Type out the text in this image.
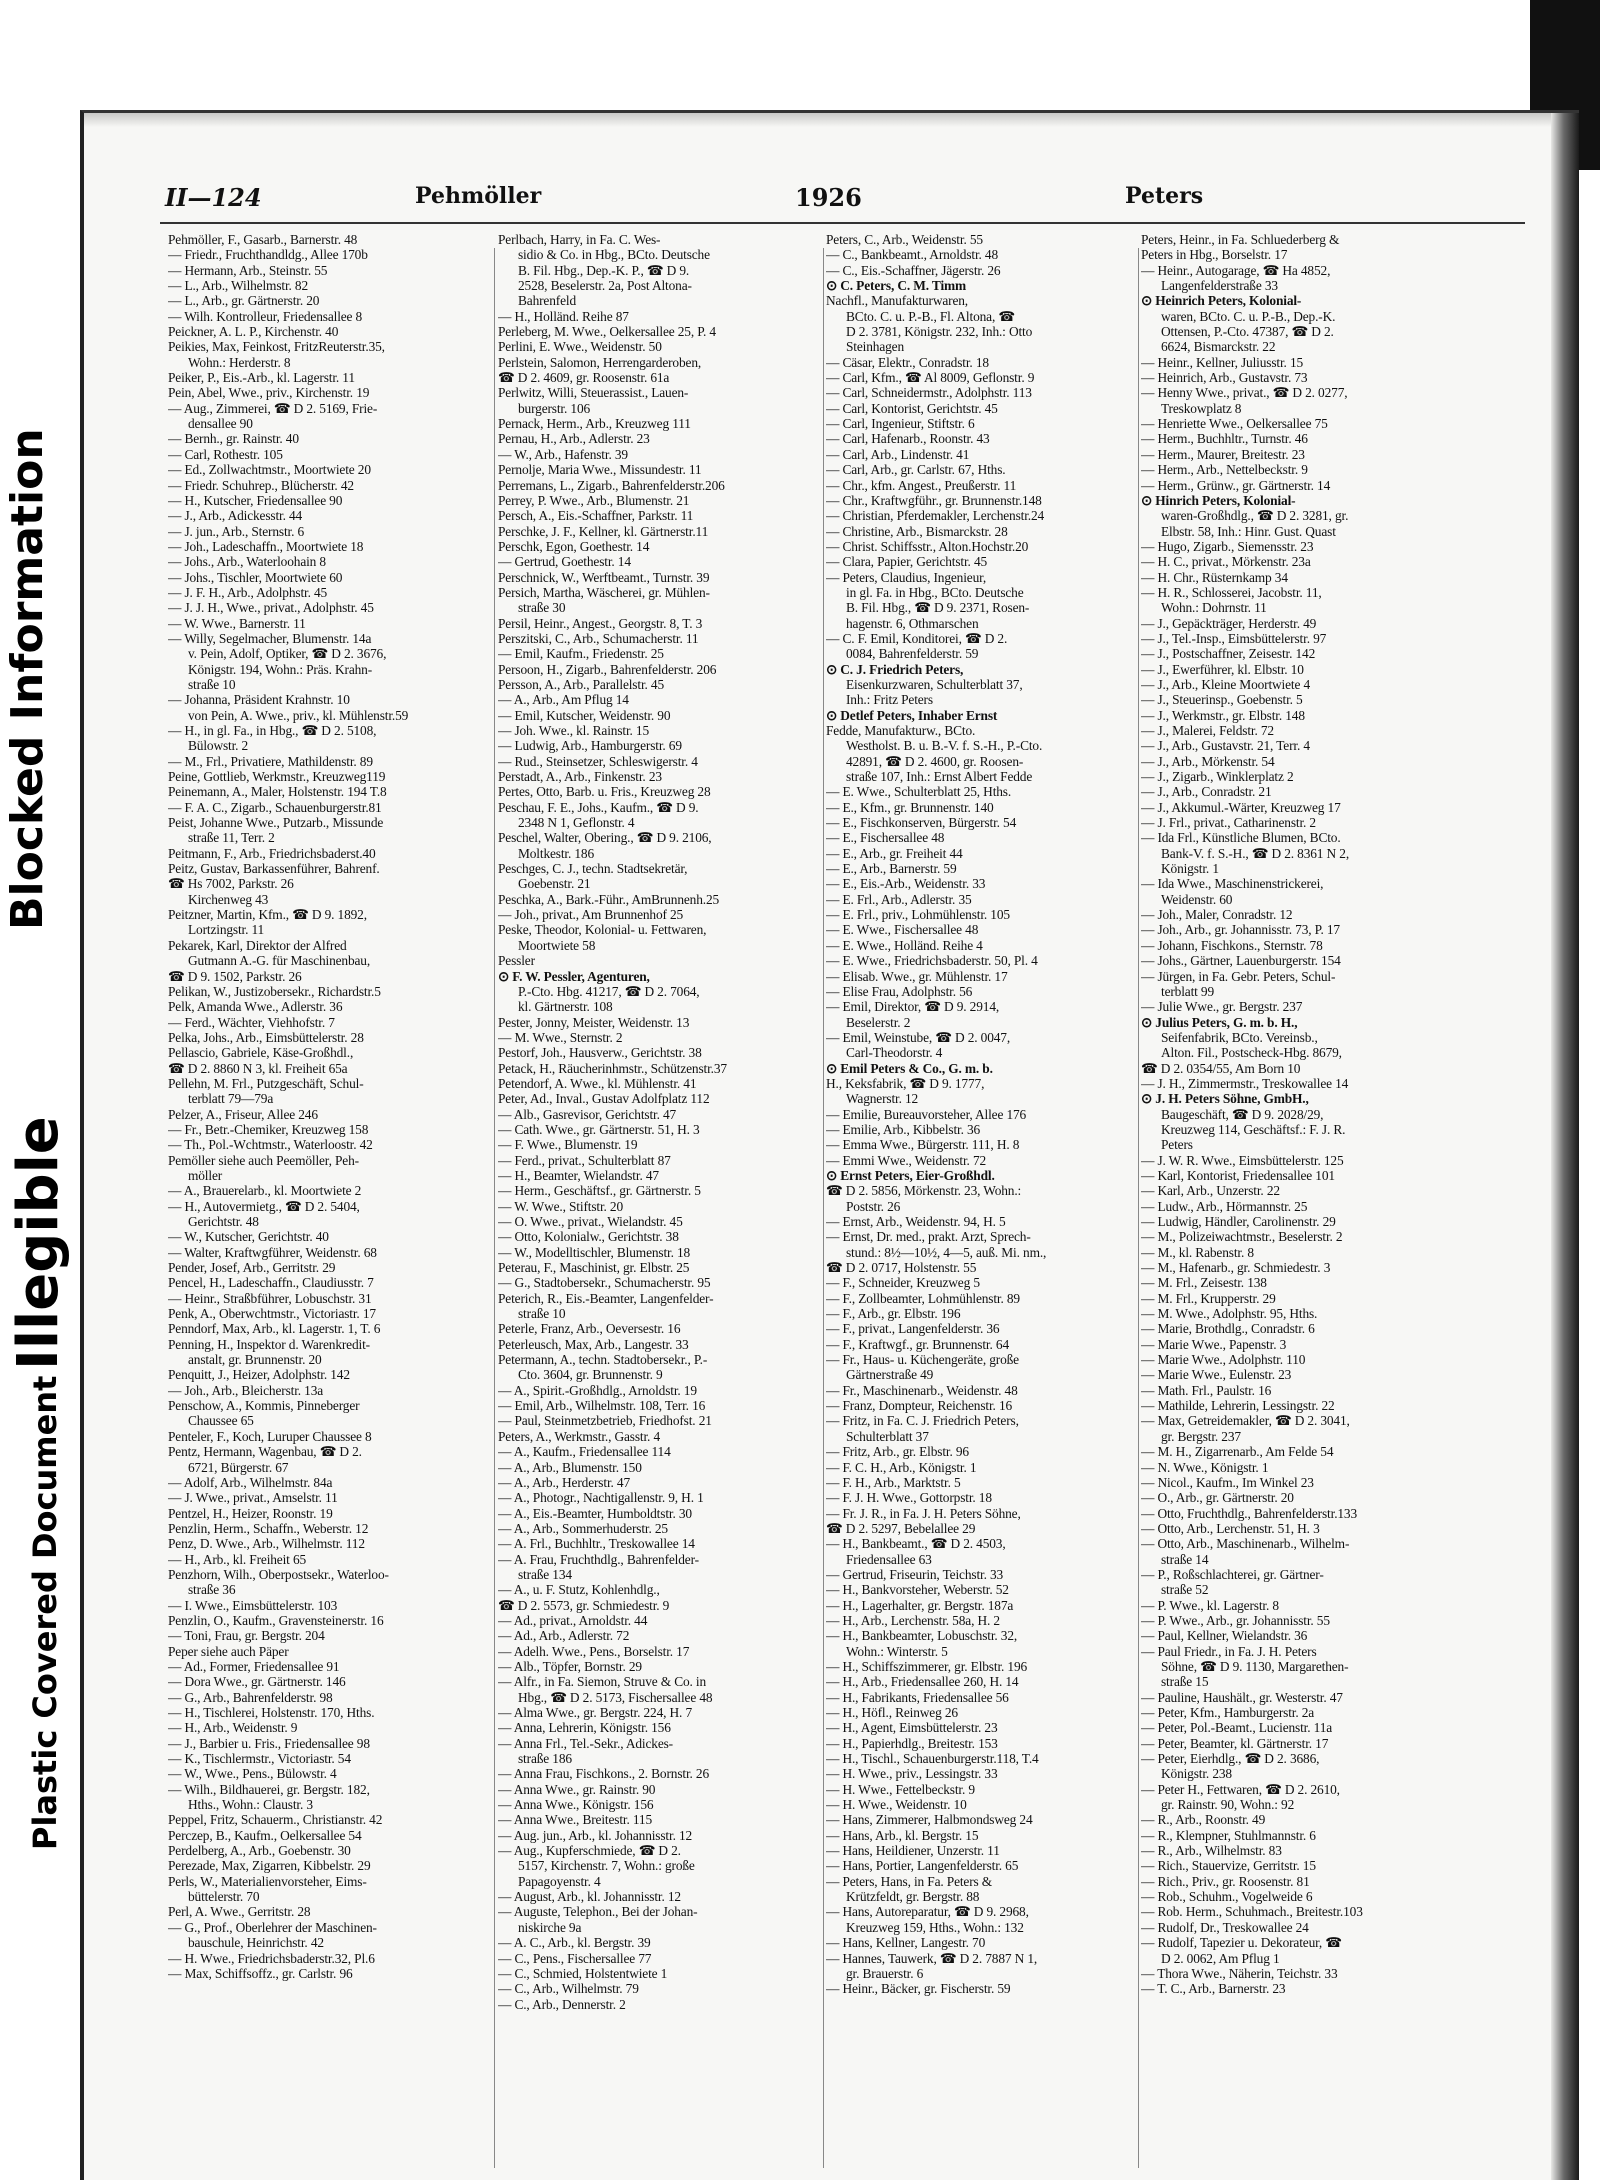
Blocked Information
Illegible
Plastic Covered Document
II—124	Pehmöller	1926	Peters

Pehmöller, F., Gasarb., Barnerstr. 48

— Friedr., Fruchthandldg., Allee 170b

— Hermann, Arb., Steinstr. 55

— L., Arb., Wilhelmstr. 82

— L., Arb., gr. Gärtnerstr. 20

— Wilh. Kontrolleur, Friedensallee 8

Peickner, A. L. P., Kirchenstr. 40

Peikies, Max, Feinkost, FritzReuterstr.35,

Wohn.: Herderstr. 8

Peiker, P., Eis.-Arb., kl. Lagerstr. 11

Pein, Abel, Wwe., priv., Kirchenstr. 19

— Aug., Zimmerei, ☎ D 2. 5169, Frie-

densallee 90

— Bernh., gr. Rainstr. 40

— Carl, Rothestr. 105

— Ed., Zollwachtmstr., Moortwiete 20

— Friedr. Schuhrep., Blücherstr. 42

— H., Kutscher, Friedensallee 90

— J., Arb., Adickesstr. 44

— J. jun., Arb., Sternstr. 6

— Joh., Ladeschaffn., Moortwiete 18

— Johs., Arb., Waterloohain 8

— Johs., Tischler, Moortwiete 60

— J. F. H., Arb., Adolphstr. 45

— J. J. H., Wwe., privat., Adolphstr. 45

— W. Wwe., Barnerstr. 11

— Willy, Segelmacher, Blumenstr. 14a

v. Pein, Adolf, Optiker, ☎ D 2. 3676,

Königstr. 194, Wohn.: Präs. Krahn-

straße 10

— Johanna, Präsident Krahnstr. 10

von Pein, A. Wwe., priv., kl. Mühlenstr.59

— H., in gl. Fa., in Hbg., ☎ D 2. 5108,

Bülowstr. 2

— M., Frl., Privatiere, Mathildenstr. 89

Peine, Gottlieb, Werkmstr., Kreuzweg119

Peinemann, A., Maler, Holstenstr. 194 T.8

— F. A. C., Zigarb., Schauenburgerstr.81

Peist, Johanne Wwe., Putzarb., Missunde

straße 11, Terr. 2

Peitmann, F., Arb., Friedrichsbaderst.40

Peitz, Gustav, Barkassenführer, Bahrenf.

☎ Hs 7002, Parkstr. 26

Kirchenweg 43

Peitzner, Martin, Kfm., ☎ D 9. 1892,

Lortzingstr. 11

Pekarek, Karl, Direktor der Alfred

Gutmann A.-G. für Maschinenbau,

☎ D 9. 1502, Parkstr. 26

Pelikan, W., Justizobersekr., Richardstr.5

Pelk, Amanda Wwe., Adlerstr. 36

— Ferd., Wächter, Viehhofstr. 7

Pelka, Johs., Arb., Eimsbüttelerstr. 28

Pellascio, Gabriele, Käse-Großhdl.,

☎ D 2. 8860 N 3, kl. Freiheit 65a

Pellehn, M. Frl., Putzgeschäft, Schul-

terblatt 79—79a

Pelzer, A., Friseur, Allee 246

— Fr., Betr.-Chemiker, Kreuzweg 158

— Th., Pol.-Wchtmstr., Waterloostr. 42

Pemöller siehe auch Peemöller, Peh-

möller

— A., Brauerelarb., kl. Moortwiete 2

— H., Autovermietg., ☎ D 2. 5404,

Gerichtstr. 48

— W., Kutscher, Gerichtstr. 40

— Walter, Kraftwgführer, Weidenstr. 68

Pender, Josef, Arb., Gerritstr. 29

Pencel, H., Ladeschaffn., Claudiusstr. 7

— Heinr., Straßbführer, Lobuschstr. 31

Penk, A., Oberwchtmstr., Victoriastr. 17

Penndorf, Max, Arb., kl. Lagerstr. 1, T. 6

Penning, H., Inspektor d. Warenkredit-

anstalt, gr. Brunnenstr. 20

Penquitt, J., Heizer, Adolphstr. 142

— Joh., Arb., Bleicherstr. 13a

Penschow, A., Kommis, Pinneberger

Chaussee 65

Penteler, F., Koch, Luruper Chaussee 8

Pentz, Hermann, Wagenbau, ☎ D 2.

6721, Bürgerstr. 67

— Adolf, Arb., Wilhelmstr. 84a

— J. Wwe., privat., Amselstr. 11

Pentzel, H., Heizer, Roonstr. 19

Penzlin, Herm., Schaffn., Weberstr. 12

Penz, D. Wwe., Arb., Wilhelmstr. 112

— H., Arb., kl. Freiheit 65

Penzhorn, Wilh., Oberpostsekr., Waterloo-

straße 36

— I. Wwe., Eimsbüttelerstr. 103

Penzlin, O., Kaufm., Gravensteinerstr. 16

— Toni, Frau, gr. Bergstr. 204

Peper siehe auch Päper

— Ad., Former, Friedensallee 91

— Dora Wwe., gr. Gärtnerstr. 146

— G., Arb., Bahrenfelderstr. 98

— H., Tischlerei, Holstenstr. 170, Hths.

— H., Arb., Weidenstr. 9

— J., Barbier u. Fris., Friedensallee 98

— K., Tischlermstr., Victoriastr. 54

— W., Wwe., Pens., Bülowstr. 4

— Wilh., Bildhauerei, gr. Bergstr. 182,

Hths., Wohn.: Claustr. 3

Peppel, Fritz, Schauerm., Christianstr. 42

Perczep, B., Kaufm., Oelkersallee 54

Perdelberg, A., Arb., Goebenstr. 30

Perezade, Max, Zigarren, Kibbelstr. 29

Perls, W., Materialienvorsteher, Eims-

büttelerstr. 70

Perl, A. Wwe., Gerritstr. 28

— G., Prof., Oberlehrer der Maschinen-

bauschule, Heinrichstr. 42

— H. Wwe., Friedrichsbaderstr.32, Pl.6

— Max, Schiffsoffz., gr. Carlstr. 96

Perlbach, Harry, in Fa. C. Wes-

sidio & Co. in Hbg., BCto. Deutsche

B. Fil. Hbg., Dep.-K. P., ☎ D 9.

2528, Beselerstr. 2a, Post Altona-

Bahrenfeld

— H., Holländ. Reihe 87

Perleberg, M. Wwe., Oelkersallee 25, P. 4

Perlini, E. Wwe., Weidenstr. 50

Perlstein, Salomon, Herrengarderoben,

☎ D 2. 4609, gr. Roosenstr. 61a

Perlwitz, Willi, Steuerassist., Lauen-

burgerstr. 106

Pernack, Herm., Arb., Kreuzweg 111

Pernau, H., Arb., Adlerstr. 23

— W., Arb., Hafenstr. 39

Pernolje, Maria Wwe., Missundestr. 11

Perremans, L., Zigarb., Bahrenfelderstr.206

Perrey, P. Wwe., Arb., Blumenstr. 21

Persch, A., Eis.-Schaffner, Parkstr. 11

Perschke, J. F., Kellner, kl. Gärtnerstr.11

Perschk, Egon, Goethestr. 14

— Gertrud, Goethestr. 14

Perschnick, W., Werftbeamt., Turnstr. 39

Persich, Martha, Wäscherei, gr. Mühlen-

straße 30

Persil, Heinr., Angest., Georgstr. 8, T. 3

Perszitski, C., Arb., Schumacherstr. 11

— Emil, Kaufm., Friedenstr. 25

Persoon, H., Zigarb., Bahrenfelderstr. 206

Persson, A., Arb., Parallelstr. 45

— A., Arb., Am Pflug 14

— Emil, Kutscher, Weidenstr. 90

— Joh. Wwe., kl. Rainstr. 15

— Ludwig, Arb., Hamburgerstr. 69

— Rud., Steinsetzer, Schleswigerstr. 4

Perstadt, A., Arb., Finkenstr. 23

Pertes, Otto, Barb. u. Fris., Kreuzweg 28

Peschau, F. E., Johs., Kaufm., ☎ D 9.

2348 N 1, Geflonstr. 4

Peschel, Walter, Obering., ☎ D 9. 2106,

Moltkestr. 186

Peschges, C. J., techn. Stadtsekretär,

Goebenstr. 21

Peschka, A., Bark.-Führ., AmBrunnenh.25

— Joh., privat., Am Brunnenhof 25

Peske, Theodor, Kolonial- u. Fettwaren,

Moortwiete 58

Pessler

⊙ F. W. Pessler, Agenturen,

P.-Cto. Hbg. 41217, ☎ D 2. 7064,

kl. Gärtnerstr. 108

Pester, Jonny, Meister, Weidenstr. 13

— M. Wwe., Sternstr. 2

Pestorf, Joh., Hausverw., Gerichtstr. 38

Petack, H., Räucherinhmstr., Schützenstr.37

Petendorf, A. Wwe., kl. Mühlenstr. 41

Peter, Ad., Inval., Gustav Adolfplatz 112

— Alb., Gasrevisor, Gerichtstr. 47

— Cath. Wwe., gr. Gärtnerstr. 51, H. 3

— F. Wwe., Blumenstr. 19

— Ferd., privat., Schulterblatt 87

— H., Beamter, Wielandstr. 47

— Herm., Geschäftsf., gr. Gärtnerstr. 5

— W. Wwe., Stiftstr. 20

— O. Wwe., privat., Wielandstr. 45

— Otto, Kolonialw., Gerichtstr. 38

— W., Modelltischler, Blumenstr. 18

Peterau, F., Maschinist, gr. Elbstr. 25

— G., Stadtobersekr., Schumacherstr. 95

Peterich, R., Eis.-Beamter, Langenfelder-

straße 10

Peterle, Franz, Arb., Oeversestr. 16

Peterleusch, Max, Arb., Langestr. 33

Petermann, A., techn. Stadtobersekr., P.-

Cto. 3604, gr. Brunnenstr. 9

— A., Spirit.-Großhdlg., Arnoldstr. 19

— Emil, Arb., Wilhelmstr. 108, Terr. 16

— Paul, Steinmetzbetrieb, Friedhofst. 21

Peters, A., Werkmstr., Gasstr. 4

— A., Kaufm., Friedensallee 114

— A., Arb., Blumenstr. 150

— A., Arb., Herderstr. 47

— A., Photogr., Nachtigallenstr. 9, H. 1

— A., Eis.-Beamter, Humboldtstr. 30

— A., Arb., Sommerhuderstr. 25

— A. Frl., Buchhltr., Treskowallee 14

— A. Frau, Fruchthdlg., Bahrenfelder-

straße 134

— A., u. F. Stutz, Kohlenhdlg.,

☎ D 2. 5573, gr. Schmiedestr. 9

— Ad., privat., Arnoldstr. 44

— Ad., Arb., Adlerstr. 72

— Adelh. Wwe., Pens., Borselstr. 17

— Alb., Töpfer, Bornstr. 29

— Alfr., in Fa. Siemon, Struve & Co. in

Hbg., ☎ D 2. 5173, Fischersallee 48

— Alma Wwe., gr. Bergstr. 224, H. 7

— Anna, Lehrerin, Königstr. 156

— Anna Frl., Tel.-Sekr., Adickes-

straße 186

— Anna Frau, Fischkons., 2. Bornstr. 26

— Anna Wwe., gr. Rainstr. 90

— Anna Wwe., Königstr. 156

— Anna Wwe., Breitestr. 115

— Aug. jun., Arb., kl. Johannisstr. 12

— Aug., Kupferschmiede, ☎ D 2.

5157, Kirchenstr. 7, Wohn.: große

Papagoyenstr. 4

— August, Arb., kl. Johannisstr. 12

— Auguste, Telephon., Bei der Johan-

niskirche 9a

— A. C., Arb., kl. Bergstr. 39

— C., Pens., Fischersallee 77

— C., Schmied, Holstentwiete 1

— C., Arb., Wilhelmstr. 79

— C., Arb., Dennerstr. 2

Peters, C., Arb., Weidenstr. 55

— C., Bankbeamt., Arnoldstr. 48

— C., Eis.-Schaffner, Jägerstr. 26

⊙ C. Peters, C. M. Timm

Nachfl., Manufakturwaren,

BCto. C. u. P.-B., Fl. Altona, ☎

D 2. 3781, Königstr. 232, Inh.: Otto

Steinhagen

— Cäsar, Elektr., Conradstr. 18

— Carl, Kfm., ☎ Al 8009, Geflonstr. 9

— Carl, Schneidermstr., Adolphstr. 113

— Carl, Kontorist, Gerichtstr. 45

— Carl, Ingenieur, Stiftstr. 6

— Carl, Hafenarb., Roonstr. 43

— Carl, Arb., Lindenstr. 41

— Carl, Arb., gr. Carlstr. 67, Hths.

— Chr., kfm. Angest., Preußerstr. 11

— Chr., Kraftwgführ., gr. Brunnenstr.148

— Christian, Pferdemakler, Lerchenstr.24

— Christine, Arb., Bismarckstr. 28

— Christ. Schiffsstr., Alton.Hochstr.20

— Clara, Papier, Gerichtstr. 45

— Peters, Claudius, Ingenieur,

in gl. Fa. in Hbg., BCto. Deutsche

B. Fil. Hbg., ☎ D 9. 2371, Rosen-

hagenstr. 6, Othmarschen

— C. F. Emil, Konditorei, ☎ D 2.

0084, Bahrenfelderstr. 59

⊙ C. J. Friedrich Peters,

Eisenkurzwaren, Schulterblatt 37,

Inh.: Fritz Peters

⊙ Detlef Peters, Inhaber Ernst

Fedde, Manufakturw., BCto.

Westholst. B. u. B.-V. f. S.-H., P.-Cto.

42891, ☎ D 2. 4600, gr. Roosen-

straße 107, Inh.: Ernst Albert Fedde

— E. Wwe., Schulterblatt 25, Hths.

— E., Kfm., gr. Brunnenstr. 140

— E., Fischkonserven, Bürgerstr. 54

— E., Fischersallee 48

— E., Arb., gr. Freiheit 44

— E., Arb., Barnerstr. 59

— E., Eis.-Arb., Weidenstr. 33

— E. Frl., Arb., Adlerstr. 35

— E. Frl., priv., Lohmühlenstr. 105

— E. Wwe., Fischersallee 48

— E. Wwe., Holländ. Reihe 4

— E. Wwe., Friedrichsbaderstr. 50, Pl. 4

— Elisab. Wwe., gr. Mühlenstr. 17

— Elise Frau, Adolphstr. 56

— Emil, Direktor, ☎ D 9. 2914,

Beselerstr. 2

— Emil, Weinstube, ☎ D 2. 0047,

Carl-Theodorstr. 4

⊙ Emil Peters & Co., G. m. b.

H., Keksfabrik, ☎ D 9. 1777,

Wagnerstr. 12

— Emilie, Bureauvorsteher, Allee 176

— Emilie, Arb., Kibbelstr. 36

— Emma Wwe., Bürgerstr. 111, H. 8

— Emmi Wwe., Weidenstr. 72

⊙ Ernst Peters, Eier-Großhdl.

☎ D 2. 5856, Mörkenstr. 23, Wohn.:

Poststr. 26

— Ernst, Arb., Weidenstr. 94, H. 5

— Ernst, Dr. med., prakt. Arzt, Sprech-

stund.: 8½—10½, 4—5, auß. Mi. nm.,

☎ D 2. 0717, Holstenstr. 55

— F., Schneider, Kreuzweg 5

— F., Zollbeamter, Lohmühlenstr. 89

— F., Arb., gr. Elbstr. 196

— F., privat., Langenfelderstr. 36

— F., Kraftwgf., gr. Brunnenstr. 64

— Fr., Haus- u. Küchengeräte, große

Gärtnerstraße 49

— Fr., Maschinenarb., Weidenstr. 48

— Franz, Dompteur, Reichenstr. 16

— Fritz, in Fa. C. J. Friedrich Peters,

Schulterblatt 37

— Fritz, Arb., gr. Elbstr. 96

— F. C. H., Arb., Königstr. 1

— F. H., Arb., Marktstr. 5

— F. J. H. Wwe., Gottorpstr. 18

— Fr. J. R., in Fa. J. H. Peters Söhne,

☎ D 2. 5297, Bebelallee 29

— H., Bankbeamt., ☎ D 2. 4503,

Friedensallee 63

— Gertrud, Friseurin, Teichstr. 33

— H., Bankvorsteher, Weberstr. 52

— H., Lagerhalter, gr. Bergstr. 187a

— H., Arb., Lerchenstr. 58a, H. 2

— H., Bankbeamter, Lobuschstr. 32,

Wohn.: Winterstr. 5

— H., Schiffszimmerer, gr. Elbstr. 196

— H., Arb., Friedensallee 260, H. 14

— H., Fabrikants, Friedensallee 56

— H., Höfl., Reinweg 26

— H., Agent, Eimsbüttelerstr. 23

— H., Papierhdlg., Breitestr. 153

— H., Tischl., Schauenburgerstr.118, T.4

— H. Wwe., priv., Lessingstr. 33

— H. Wwe., Fettelbeckstr. 9

— H. Wwe., Weidenstr. 10

— Hans, Zimmerer, Halbmondsweg 24

— Hans, Arb., kl. Bergstr. 15

— Hans, Heildiener, Unzerstr. 11

— Hans, Portier, Langenfelderstr. 65

— Peters, Hans, in Fa. Peters &

Krützfeldt, gr. Bergstr. 88

— Hans, Autoreparatur, ☎ D 9. 2968,

Kreuzweg 159, Hths., Wohn.: 132

— Hans, Kellner, Langestr. 70

— Hannes, Tauwerk, ☎ D 2. 7887 N 1,

gr. Brauerstr. 6

— Heinr., Bäcker, gr. Fischerstr. 59

Peters, Heinr., in Fa. Schluederberg &

Peters in Hbg., Borselstr. 17

— Heinr., Autogarage, ☎ Ha 4852,

Langenfelderstraße 33

⊙ Heinrich Peters, Kolonial-

waren, BCto. C. u. P.-B., Dep.-K.

Ottensen, P.-Cto. 47387, ☎ D 2.

6624, Bismarckstr. 22

— Heinr., Kellner, Juliusstr. 15

— Heinrich, Arb., Gustavstr. 73

— Henny Wwe., privat., ☎ D 2. 0277,

Treskowplatz 8

— Henriette Wwe., Oelkersallee 75

— Herm., Buchhltr., Turnstr. 46

— Herm., Maurer, Breitestr. 23

— Herm., Arb., Nettelbeckstr. 9

— Herm., Grünw., gr. Gärtnerstr. 14

⊙ Hinrich Peters, Kolonial-

waren-Großhdlg., ☎ D 2. 3281, gr.

Elbstr. 58, Inh.: Hinr. Gust. Quast

— Hugo, Zigarb., Siemensstr. 23

— H. C., privat., Mörkenstr. 23a

— H. Chr., Rüsternkamp 34

— H. R., Schlosserei, Jacobstr. 11,

Wohn.: Dohrnstr. 11

— J., Gepäckträger, Herderstr. 49

— J., Tel.-Insp., Eimsbüttelerstr. 97

— J., Postschaffner, Zeisestr. 142

— J., Ewerführer, kl. Elbstr. 10

— J., Arb., Kleine Moortwiete 4

— J., Steuerinsp., Goebenstr. 5

— J., Werkmstr., gr. Elbstr. 148

— J., Malerei, Feldstr. 72

— J., Arb., Gustavstr. 21, Terr. 4

— J., Arb., Mörkenstr. 54

— J., Zigarb., Winklerplatz 2

— J., Arb., Conradstr. 21

— J., Akkumul.-Wärter, Kreuzweg 17

— J. Frl., privat., Catharinenstr. 2

— Ida Frl., Künstliche Blumen, BCto.

Bank-V. f. S.-H., ☎ D 2. 8361 N 2,

Königstr. 1

— Ida Wwe., Maschinenstrickerei,

Weidenstr. 60

— Joh., Maler, Conradstr. 12

— Joh., Arb., gr. Johannisstr. 73, P. 17

— Johann, Fischkons., Sternstr. 78

— Johs., Gärtner, Lauenburgerstr. 154

— Jürgen, in Fa. Gebr. Peters, Schul-

terblatt 99

— Julie Wwe., gr. Bergstr. 237

⊙ Julius Peters, G. m. b. H.,

Seifenfabrik, BCto. Vereinsb.,

Alton. Fil., Postscheck-Hbg. 8679,

☎ D 2. 0354/55, Am Born 10

— J. H., Zimmermstr., Treskowallee 14

⊙ J. H. Peters Söhne, GmbH.,

Baugeschäft, ☎ D 9. 2028/29,

Kreuzweg 114, Geschäftsf.: F. J. R.

Peters

— J. W. R. Wwe., Eimsbüttelerstr. 125

— Karl, Kontorist, Friedensallee 101

— Karl, Arb., Unzerstr. 22

— Ludw., Arb., Hörmannstr. 25

— Ludwig, Händler, Carolinenstr. 29

— M., Polizeiwachtmstr., Beselerstr. 2

— M., kl. Rabenstr. 8

— M., Hafenarb., gr. Schmiedestr. 3

— M. Frl., Zeisestr. 138

— M. Frl., Krupperstr. 29

— M. Wwe., Adolphstr. 95, Hths.

— Marie, Brothdlg., Conradstr. 6

— Marie Wwe., Papenstr. 3

— Marie Wwe., Adolphstr. 110

— Marie Wwe., Eulenstr. 23

— Math. Frl., Paulstr. 16

— Mathilde, Lehrerin, Lessingstr. 22

— Max, Getreidemakler, ☎ D 2. 3041,

gr. Bergstr. 237

— M. H., Zigarrenarb., Am Felde 54

— N. Wwe., Königstr. 1

— Nicol., Kaufm., Im Winkel 23

— O., Arb., gr. Gärtnerstr. 20

— Otto, Fruchthdlg., Bahrenfelderstr.133

— Otto, Arb., Lerchenstr. 51, H. 3

— Otto, Arb., Maschinenarb., Wilhelm-

straße 14

— P., Roßschlachterei, gr. Gärtner-

straße 52

— P. Wwe., kl. Lagerstr. 8

— P. Wwe., Arb., gr. Johannisstr. 55

— Paul, Kellner, Wielandstr. 36

— Paul Friedr., in Fa. J. H. Peters

Söhne, ☎ D 9. 1130, Margarethen-

straße 15

— Pauline, Haushält., gr. Westerstr. 47

— Peter, Kfm., Hamburgerstr. 2a

— Peter, Pol.-Beamt., Lucienstr. 11a

— Peter, Beamter, kl. Gärtnerstr. 17

— Peter, Eierhdlg., ☎ D 2. 3686,

Königstr. 238

— Peter H., Fettwaren, ☎ D 2. 2610,

gr. Rainstr. 90, Wohn.: 92

— R., Arb., Roonstr. 49

— R., Klempner, Stuhlmannstr. 6

— R., Arb., Wilhelmstr. 83

— Rich., Stauervize, Gerritstr. 15

— Rich., Priv., gr. Roosenstr. 81

— Rob., Schuhm., Vogelweide 6

— Rob. Herm., Schuhmach., Breitestr.103

— Rudolf, Dr., Treskowallee 24

— Rudolf, Tapezier u. Dekorateur, ☎

D 2. 0062, Am Pflug 1

— Thora Wwe., Näherin, Teichstr. 33

— T. C., Arb., Barnerstr. 23
